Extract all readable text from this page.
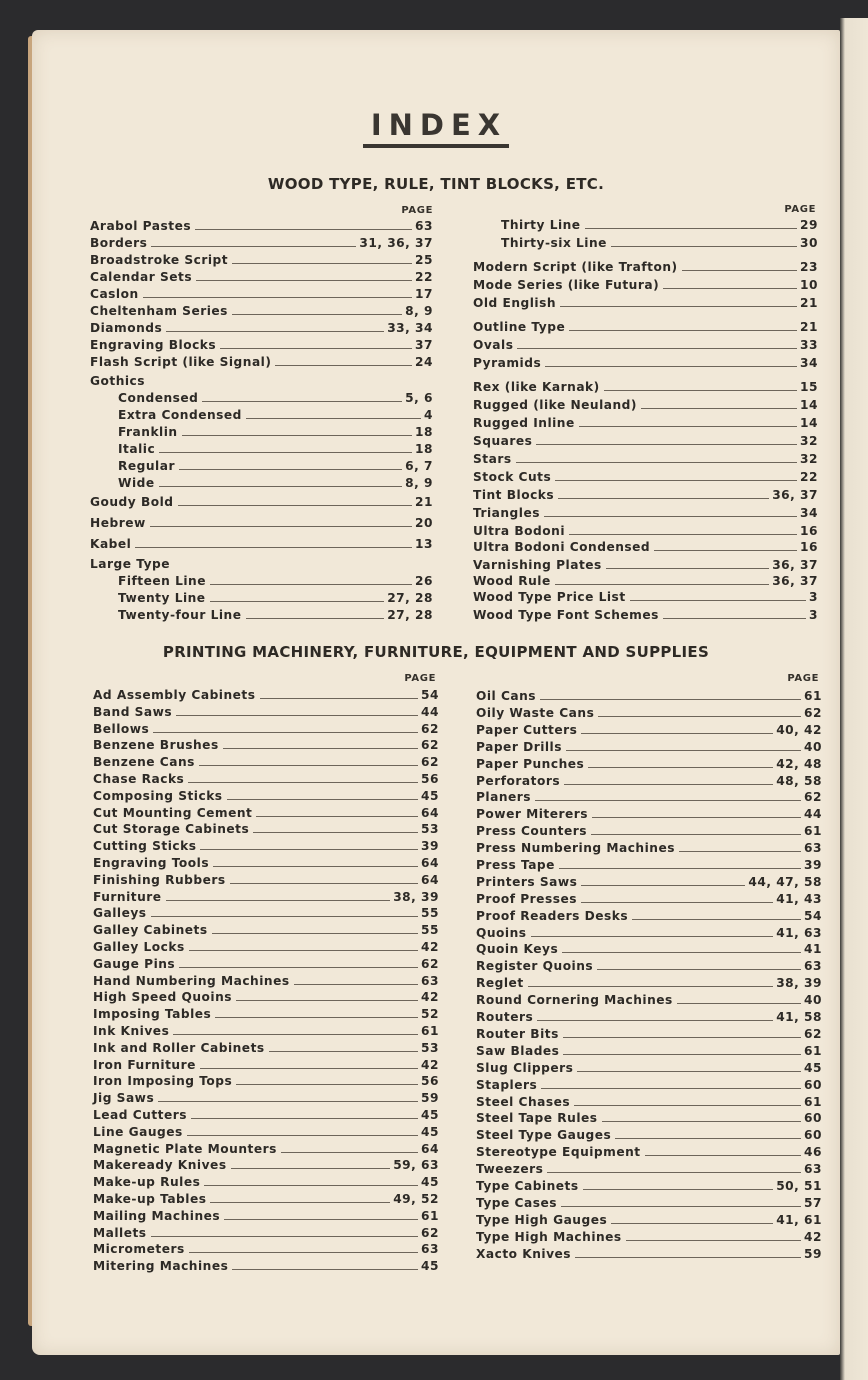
INDEX
WOOD TYPE, RULE, TINT BLOCKS, ETC.
PAGE	PAGE
Arabol Pastes	63
Borders	31, 36, 37
Broadstroke Script	25
Calendar Sets	22
Caslon	17
Cheltenham Series	8, 9
Diamonds	33, 34
Engraving Blocks	37
Flash Script (like Signal)	24
Gothics
Condensed	5, 6
Extra Condensed	4
Franklin	18
Italic	18
Regular	6, 7
Wide	8, 9
Goudy Bold	21
Hebrew	20
Kabel	13
Large Type
Fifteen Line	26
Twenty Line	27, 28
Twenty-four Line	27, 28
Thirty Line	29
Thirty-six Line	30
Modern Script (like Trafton)	23
Mode Series (like Futura)	10
Old English	21
Outline Type	21
Ovals	33
Pyramids	34
Rex (like Karnak)	15
Rugged (like Neuland)	14
Rugged Inline	14
Squares	32
Stars	32
Stock Cuts	22
Tint Blocks	36, 37
Triangles	34
Ultra Bodoni	16
Ultra Bodoni Condensed	16
Varnishing Plates	36, 37
Wood Rule	36, 37
Wood Type Price List	3
Wood Type Font Schemes	3
PRINTING MACHINERY, FURNITURE, EQUIPMENT AND SUPPLIES
PAGE	PAGE
Ad Assembly Cabinets	54
Band Saws	44
Bellows	62
Benzene Brushes	62
Benzene Cans	62
Chase Racks	56
Composing Sticks	45
Cut Mounting Cement	64
Cut Storage Cabinets	53
Cutting Sticks	39
Engraving Tools	64
Finishing Rubbers	64
Furniture	38, 39
Galleys	55
Galley Cabinets	55
Galley Locks	42
Gauge Pins	62
Hand Numbering Machines	63
High Speed Quoins	42
Imposing Tables	52
Ink Knives	61
Ink and Roller Cabinets	53
Iron Furniture	42
Iron Imposing Tops	56
Jig Saws	59
Lead Cutters	45
Line Gauges	45
Magnetic Plate Mounters	64
Makeready Knives	59, 63
Make-up Rules	45
Make-up Tables	49, 52
Mailing Machines	61
Mallets	62
Micrometers	63
Mitering Machines	45
Oil Cans	61
Oily Waste Cans	62
Paper Cutters	40, 42
Paper Drills	40
Paper Punches	42, 48
Perforators	48, 58
Planers	62
Power Miterers	44
Press Counters	61
Press Numbering Machines	63
Press Tape	39
Printers Saws	44, 47, 58
Proof Presses	41, 43
Proof Readers Desks	54
Quoins	41, 63
Quoin Keys	41
Register Quoins	63
Reglet	38, 39
Round Cornering Machines	40
Routers	41, 58
Router Bits	62
Saw Blades	61
Slug Clippers	45
Staplers	60
Steel Chases	61
Steel Tape Rules	60
Steel Type Gauges	60
Stereotype Equipment	46
Tweezers	63
Type Cabinets	50, 51
Type Cases	57
Type High Gauges	41, 61
Type High Machines	42
Xacto Knives	59
